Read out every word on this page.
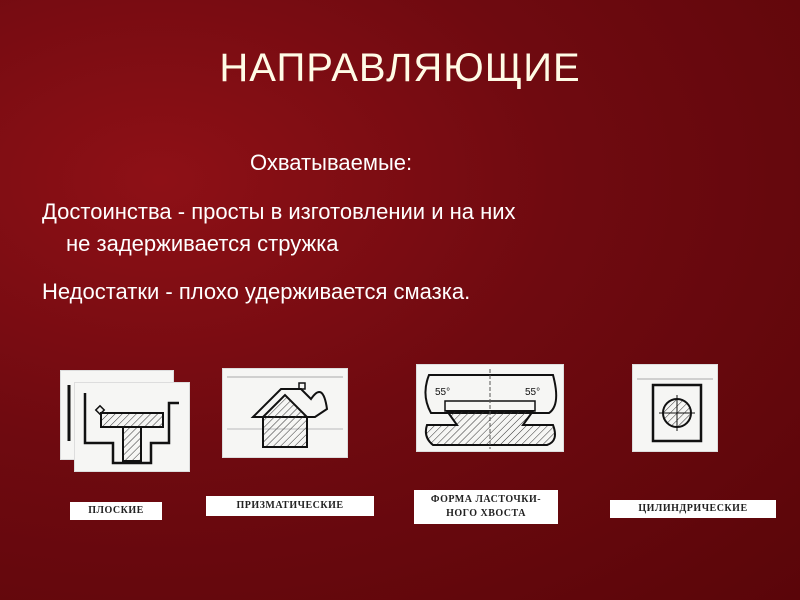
НАПРАВЛЯЮЩИЕ
Охватываемые:
Достоинства - просты в изготовлении и на них
не задерживается стружка
Недостатки - плохо удерживается смазка.
55°	55°
ПЛОСКИЕ	ПРИЗМАТИЧЕСКИЕ
ФОРМА ЛАСТОЧКИ-
НОГО ХВОСТА	ЦИЛИНДРИЧЕСКИЕ
